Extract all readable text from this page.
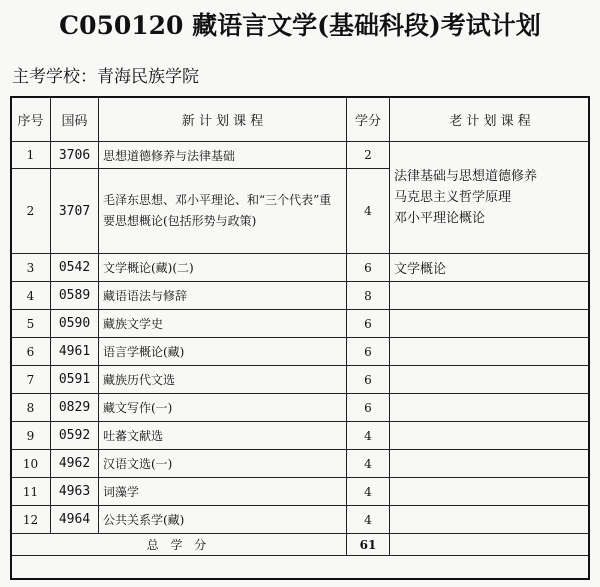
C050120 藏语言文学(基础科段)考试计划
主考学校：青海民族学院
序号	国码	新 计 划 课 程	学分	老 计 划 课 程
1	3706	思想道德修养与法律基础	2	法律基础与思想道德修养
马克思主义哲学原理
邓小平理论概论

2	3707	毛泽东思想、邓小平理论、和“三个代表”重要思想概论(包括形势与政策)	4	
3	0542	文学概论(藏)(二)	6	文学概论
4	0589	藏语语法与修辞	8	
5	0590	藏族文学史	6	
6	4961	语言学概论(藏)	6	
7	0591	藏族历代文选	6	
8	0829	藏文写作(一)	6	
9	0592	吐蕃文献选	4	
10	4962	汉语文选(一)	4	
11	4963	词藻学	4	
12	4964	公共关系学(藏)	4	
总 学 分			61	
